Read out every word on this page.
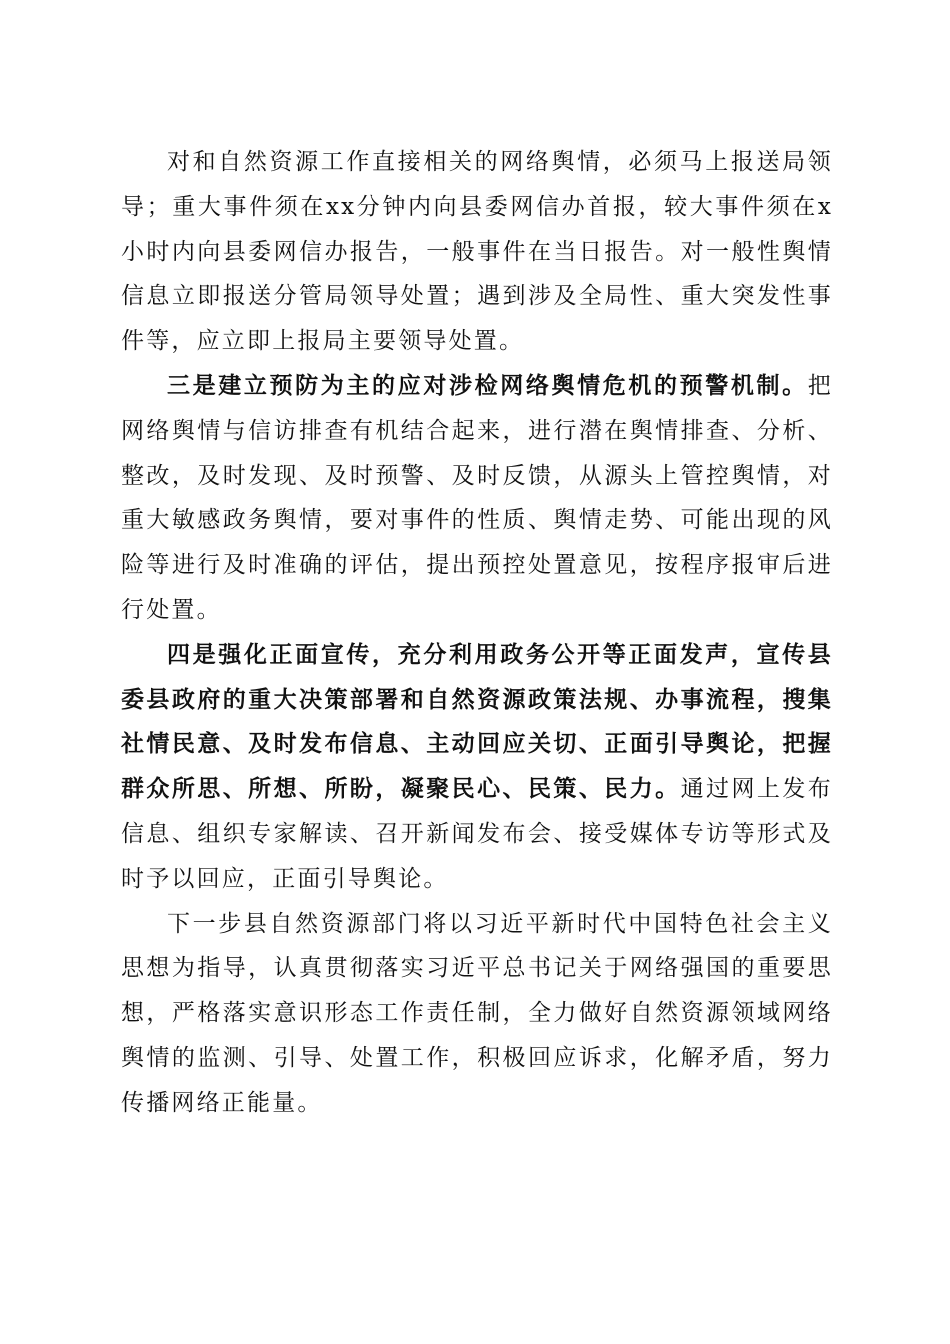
对和自然资源工作直接相关的网络舆情，必须马上报送局领导；重大事件须在xx分钟内向县委网信办首报，较大事件须在x小时内向县委网信办报告，一般事件在当日报告。对一般性舆情信息立即报送分管局领导处置；遇到涉及全局性、重大突发性事件等，应立即上报局主要领导处置。

三是建立预防为主的应对涉检网络舆情危机的预警机制。把网络舆情与信访排查有机结合起来，进行潜在舆情排查、分析、整改，及时发现、及时预警、及时反馈，从源头上管控舆情，对重大敏感政务舆情，要对事件的性质、舆情走势、可能出现的风险等进行及时准确的评估，提出预控处置意见，按程序报审后进行处置。

四是强化正面宣传，充分利用政务公开等正面发声，宣传县委县政府的重大决策部署和自然资源政策法规、办事流程，搜集社情民意、及时发布信息、主动回应关切、正面引导舆论，把握群众所思、所想、所盼，凝聚民心、民策、民力。通过网上发布信息、组织专家解读、召开新闻发布会、接受媒体专访等形式及时予以回应，正面引导舆论。

下一步县自然资源部门将以习近平新时代中国特色社会主义思想为指导，认真贯彻落实习近平总书记关于网络强国的重要思想，严格落实意识形态工作责任制，全力做好自然资源领域网络舆情的监测、引导、处置工作，积极回应诉求，化解矛盾，努力传播网络正能量。
